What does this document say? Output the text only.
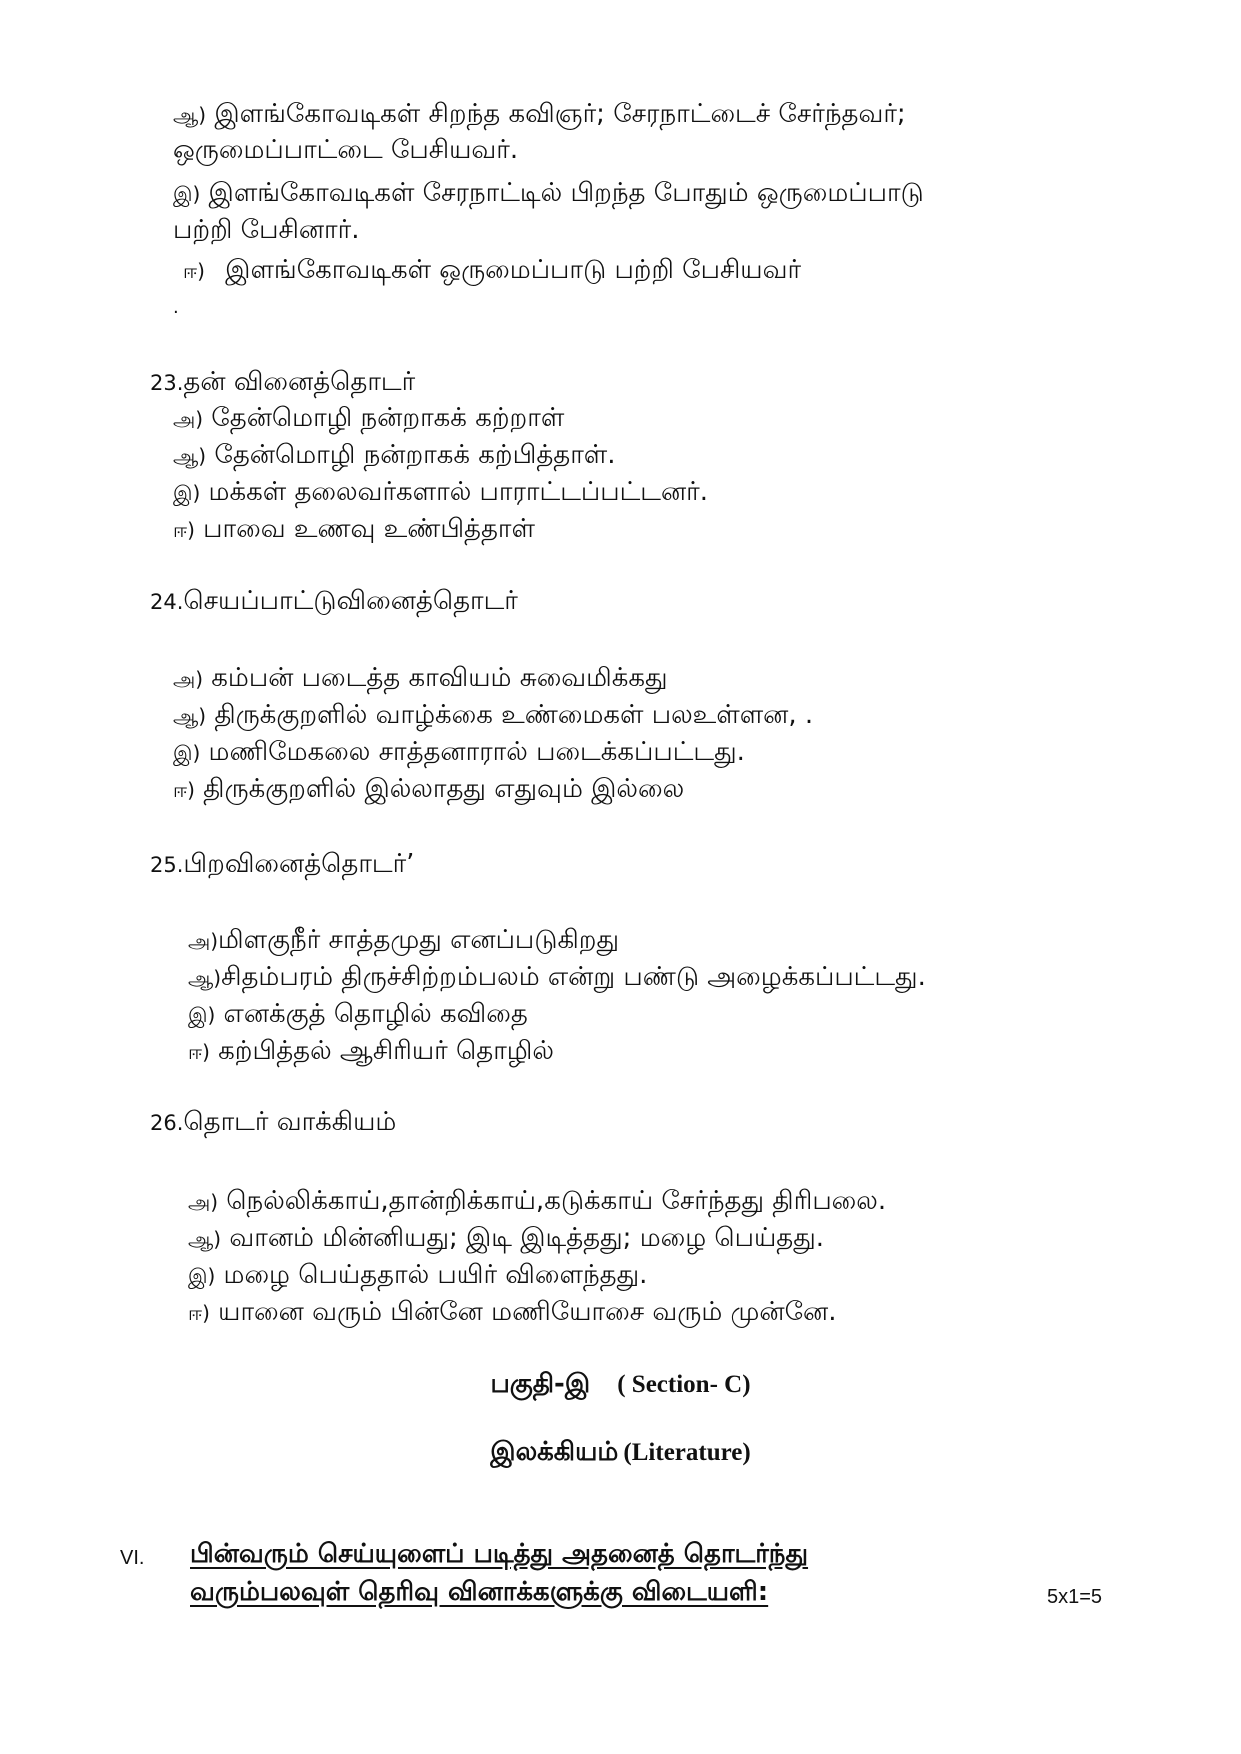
ஆ) இளங்கோவடிகள் சிறந்த கவிஞர்; சேரநாட்டைச் சேர்ந்தவர்;
ஒருமைப்பாட்டை பேசியவர்.
இ) இளங்கோவடிகள் சேரநாட்டில் பிறந்த போதும் ஒருமைப்பாடு
பற்றி பேசினார்.
ஈ) இளங்கோவடிகள் ஒருமைப்பாடு பற்றி பேசியவர்
.
23.தன் வினைத்தொடர்
அ) தேன்மொழி நன்றாகக் கற்றாள்
ஆ) தேன்மொழி நன்றாகக் கற்பித்தாள்.
இ) மக்கள் தலைவர்களால் பாராட்டப்பட்டனர்.
ஈ) பாவை உணவு உண்பித்தாள்
24.செயப்பாட்டுவினைத்தொடர்
அ) கம்பன் படைத்த காவியம் சுவைமிக்கது
ஆ) திருக்குறளில் வாழ்க்கை உண்மைகள் பலஉள்ளன, .
இ) மணிமேகலை சாத்தனாரால் படைக்கப்பட்டது.
ஈ) திருக்குறளில் இல்லாதது எதுவும் இல்லை
25.பிறவினைத்தொடர்’
அ)மிளகுநீர் சாத்தமுது எனப்படுகிறது
ஆ)சிதம்பரம் திருச்சிற்றம்பலம் என்று பண்டு அழைக்கப்பட்டது.
இ) எனக்குத் தொழில் கவிதை
ஈ) கற்பித்தல் ஆசிரியர் தொழில்
26.தொடர் வாக்கியம்
அ) நெல்லிக்காய்,தான்றிக்காய்,கடுக்காய் சேர்ந்தது திரிபலை.
ஆ) வானம் மின்னியது; இடி இடித்தது; மழை பெய்தது.
இ) மழை பெய்ததால் பயிர் விளைந்தது.
ஈ) யானை வரும் பின்னே மணியோசை வரும் முன்னே.
பகுதி-இ ( Section- C)
இலக்கியம் (Literature)
VI. பின்வரும் செய்யுளைப் படித்து அதனைத் தொடர்ந்து
வரும்பலவுள் தெரிவு வினாக்களுக்கு விடையளி:	5x1=5
